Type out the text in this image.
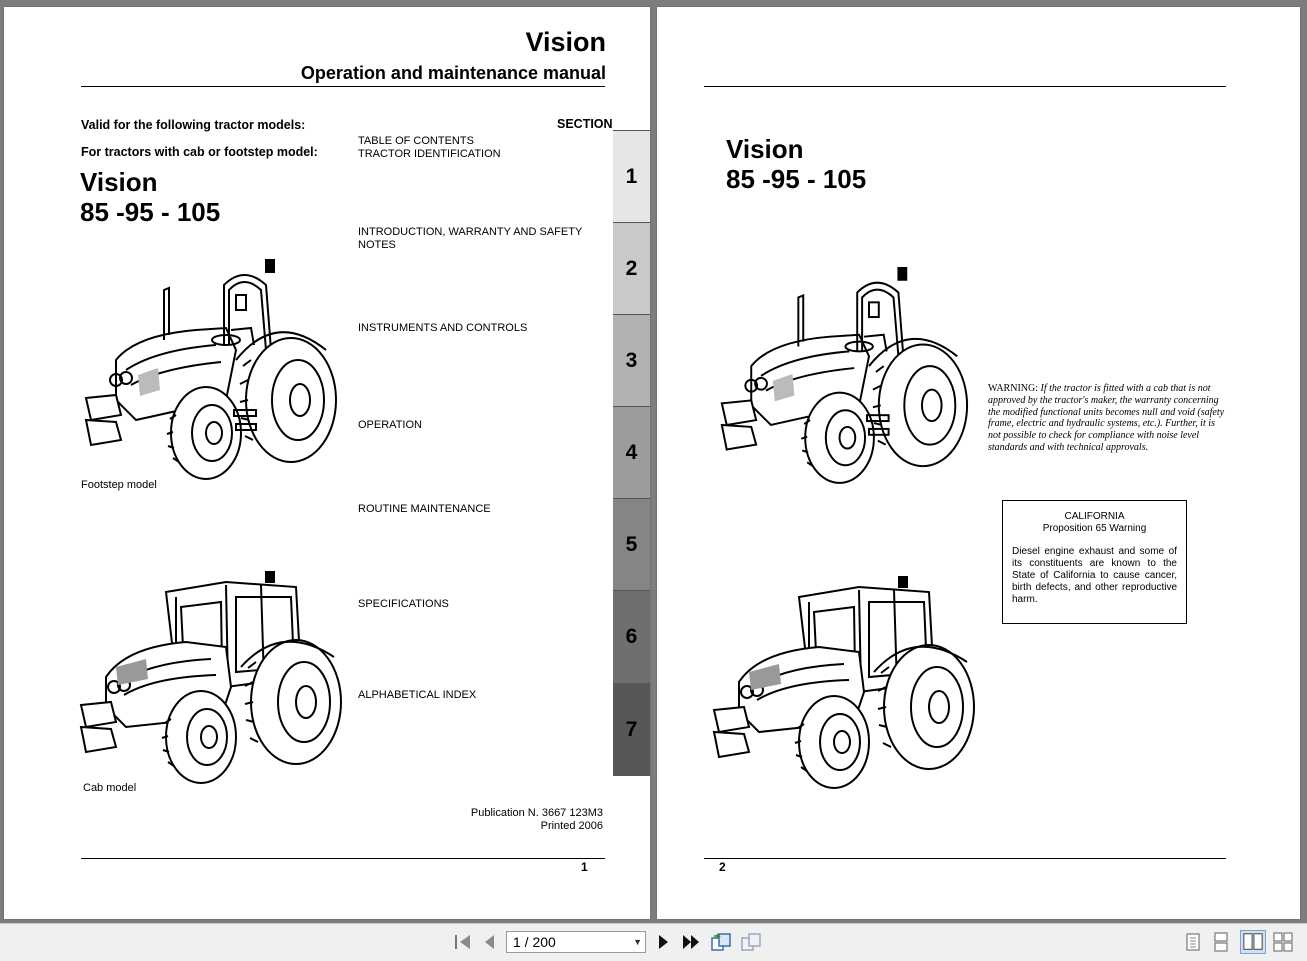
Vision
Operation and maintenance manual
Valid for the following tractor models:
For tractors with cab or footstep model:
Vision
85 -95 - 105
SECTION
TABLE OF CONTENTS
TRACTOR IDENTIFICATION
INTRODUCTION, WARRANTY AND SAFETY
NOTES
INSTRUMENTS AND CONTROLS
OPERATION
ROUTINE MAINTENANCE
SPECIFICATIONS
ALPHABETICAL INDEX
1
2
3
4
5
6
7
Footstep model
Cab model
Publication N. 3667 123M3
Printed 2006
1
Vision
85 -95 - 105
WARNING: If the tractor is fitted with a cab that is not approved by the tractor's maker, the warranty concerning the modified functional units becomes null and void (safety frame, electric and hydraulic systems, etc.). Further, it is not possible to check for compliance with noise level standards and with technical approvals.
CALIFORNIA
Proposition 65 Warning
Diesel engine exhaust and some of its constituents are known to the State of California to cause cancer, birth defects, and other reproductive harm.
2
1 / 200	▼
